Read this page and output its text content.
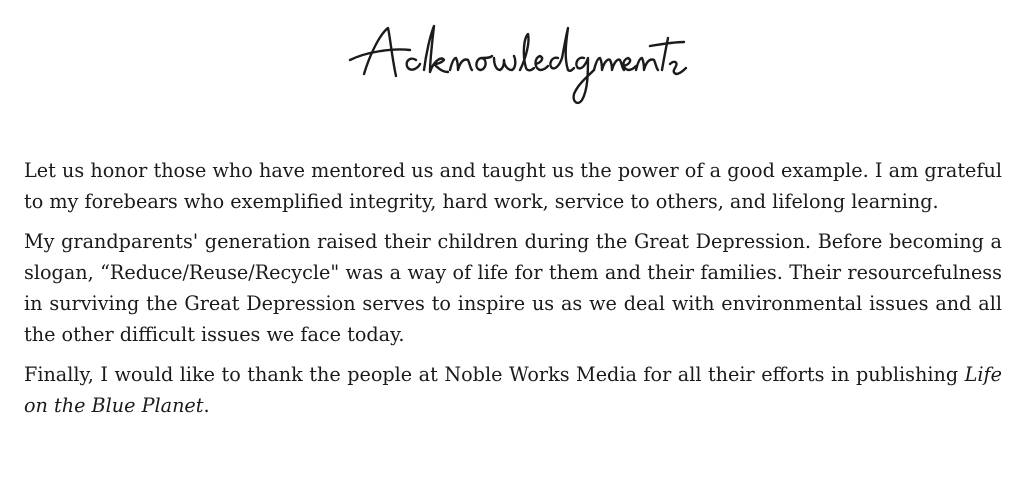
Let us honor those who have mentored us and taught us the power of a good example. I am grateful to my forebears who exemplified integrity, hard work, service to others, and lifelong learning.

My grandparents' generation raised their children during the Great Depression. Before becoming a slogan, “Reduce/Reuse/Recycle" was a way of life for them and their families. Their resourcefulness in surviving the Great Depression serves to inspire us as we deal with environmental issues and all the other difficult issues we face today.

Finally, I would like to thank the people at Noble Works Media for all their efforts in publishing Life on the Blue Planet.
